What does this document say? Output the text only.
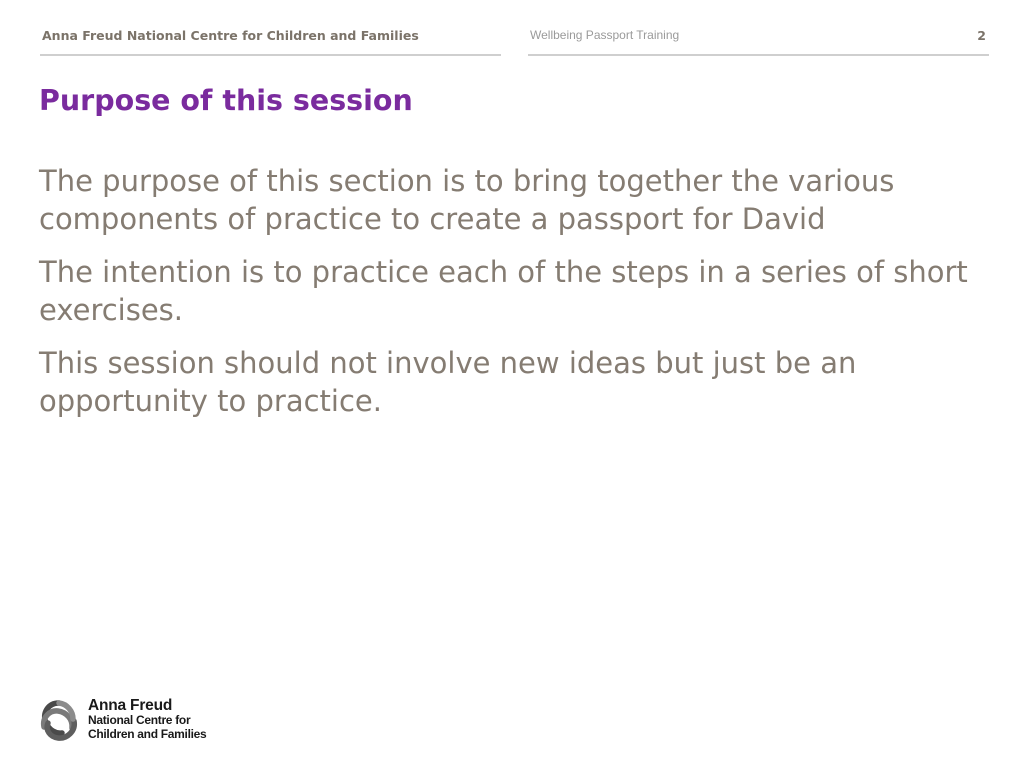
Anna Freud National Centre for Children and Families	Wellbeing Passport Training	2
Purpose of this session

The purpose of this section is to bring together the various components of practice to create a passport for David

The intention is to practice each of the steps in a series of short exercises.

This session should not involve new ideas but just be an opportunity to practice.

Anna Freud
National Centre for
Children and Families
